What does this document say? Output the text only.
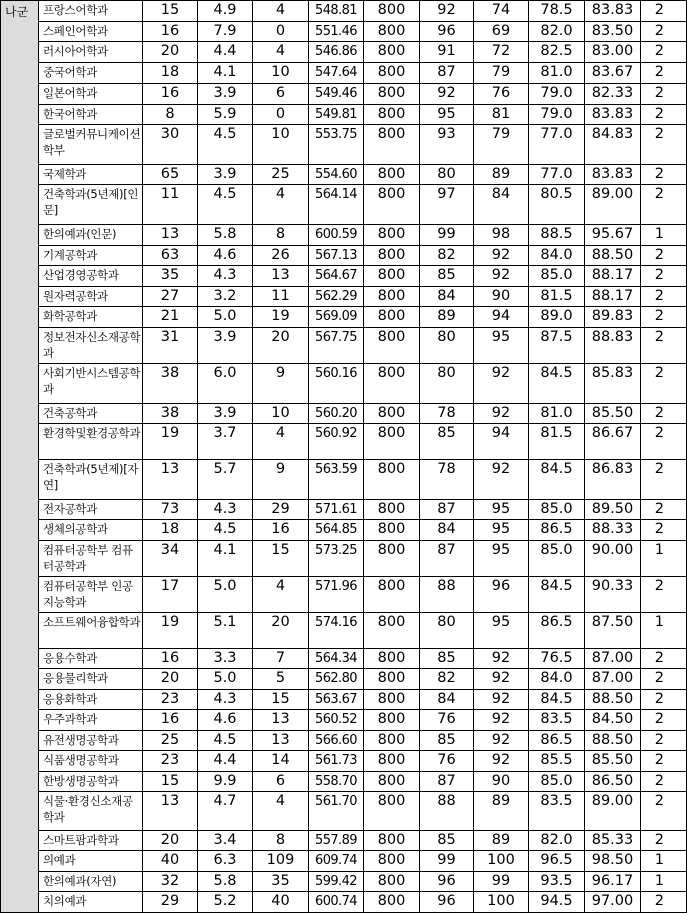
나군	프랑스어학과	15	4.9	4	548.81	800	92	74	78.5	83.83	2
	스페인어학과	16	7.9	0	551.46	800	96	69	82.0	83.50	2
	러시아어학과	20	4.4	4	546.86	800	91	72	82.5	83.00	2
	중국어학과	18	4.1	10	547.64	800	87	79	81.0	83.67	2
	일본어학과	16	3.9	6	549.46	800	92	76	79.0	82.33	2
	한국어학과	8	5.9	0	549.81	800	95	81	79.0	83.83	2
	글로벌커뮤니케이션학부	30	4.5	10	553.75	800	93	79	77.0	84.83	2
	국제학과	65	3.9	25	554.60	800	80	89	77.0	83.83	2
	건축학과(5년제)[인문]	11	4.5	4	564.14	800	97	84	80.5	89.00	2
	한의예과(인문)	13	5.8	8	600.59	800	99	98	88.5	95.67	1
	기계공학과	63	4.6	26	567.13	800	82	92	84.0	88.50	2
	산업경영공학과	35	4.3	13	564.67	800	85	92	85.0	88.17	2
	원자력공학과	27	3.2	11	562.29	800	84	90	81.5	88.17	2
	화학공학과	21	5.0	19	569.09	800	89	94	89.0	89.83	2
	정보전자신소재공학과	31	3.9	20	567.75	800	80	95	87.5	88.83	2
	사회기반시스템공학과	38	6.0	9	560.16	800	80	92	84.5	85.83	2
	건축공학과	38	3.9	10	560.20	800	78	92	81.0	85.50	2
	환경학및환경공학과	19	3.7	4	560.92	800	85	94	81.5	86.67	2
	건축학과(5년제)[자연]	13	5.7	9	563.59	800	78	92	84.5	86.83	2
	전자공학과	73	4.3	29	571.61	800	87	95	85.0	89.50	2
	생체의공학과	18	4.5	16	564.85	800	84	95	86.5	88.33	2
	컴퓨터공학부 컴퓨터공학과	34	4.1	15	573.25	800	87	95	85.0	90.00	1
	컴퓨터공학부 인공지능학과	17	5.0	4	571.96	800	88	96	84.5	90.33	2
	소프트웨어융합학과	19	5.1	20	574.16	800	80	95	86.5	87.50	1
	응용수학과	16	3.3	7	564.34	800	85	92	76.5	87.00	2
	응용물리학과	20	5.0	5	562.80	800	82	92	84.0	87.00	2
	응용화학과	23	4.3	15	563.67	800	84	92	84.5	88.50	2
	우주과학과	16	4.6	13	560.52	800	76	92	83.5	84.50	2
	유전생명공학과	25	4.5	13	566.60	800	85	92	86.5	88.50	2
	식품생명공학과	23	4.4	14	561.73	800	76	92	85.5	85.50	2
	한방생명공학과	15	9.9	6	558.70	800	87	90	85.0	86.50	2
	식물·환경신소재공학과	13	4.7	4	561.70	800	88	89	83.5	89.00	2
	스마트팜과학과	20	3.4	8	557.89	800	85	89	82.0	85.33	2
	의예과	40	6.3	109	609.74	800	99	100	96.5	98.50	1
	한의예과(자연)	32	5.8	35	599.42	800	96	99	93.5	96.17	1
	치의예과	29	5.2	40	600.74	800	96	100	94.5	97.00	2
